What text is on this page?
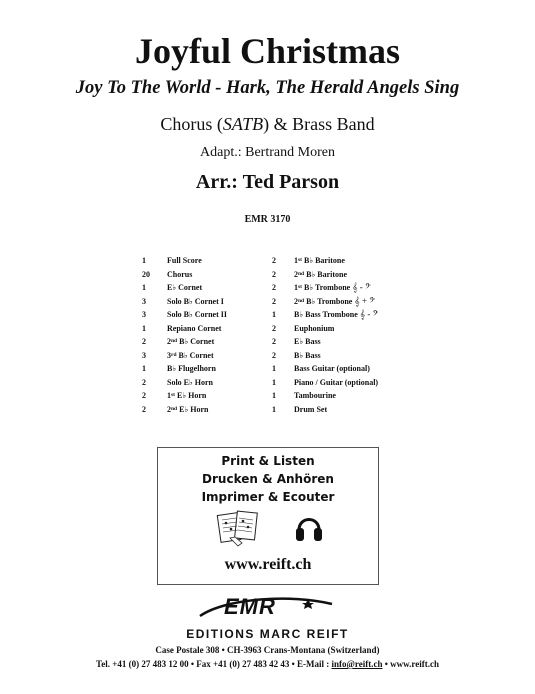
Joyful Christmas
Joy To The World - Hark, The Herald Angels Sing
Chorus (SATB) & Brass Band
Adapt.: Bertrand Moren
Arr.: Ted Parson
EMR 3170
1	Full Score	2 1st B♭ Baritone
20 Chorus	2 2nd B♭ Baritone
1	E♭ Cornet	2 1st B♭ Trombone 𝄞 - 𝄢
3	Solo B♭ Cornet I	2 2nd B♭ Trombone 𝄞 + 𝄢
3	Solo B♭ Cornet II	1 B♭ Bass Trombone 𝄞 - 𝄢
1	Repiano Cornet	2 Euphonium
2	2nd B♭ Cornet	2 E♭ Bass
3	3rd B♭ Cornet	2 B♭ Bass
1	B♭ Flugelhorn	1 Bass Guitar (optional)
2	Solo E♭ Horn	1 Piano / Guitar (optional)
2	1st E♭ Horn	1 Tambourine
2	2nd E♭ Horn	1 Drum Set
Print & Listen
Drucken & Anhören
Imprimer & Ecouter
www.reift.ch
EMR
EDITIONS MARC REIFT
Case Postale 308 • CH-3963 Crans-Montana (Switzerland)
Tel. +41 (0) 27 483 12 00 • Fax +41 (0) 27 483 42 43 • E-Mail : info@reift.ch • www.reift.ch
